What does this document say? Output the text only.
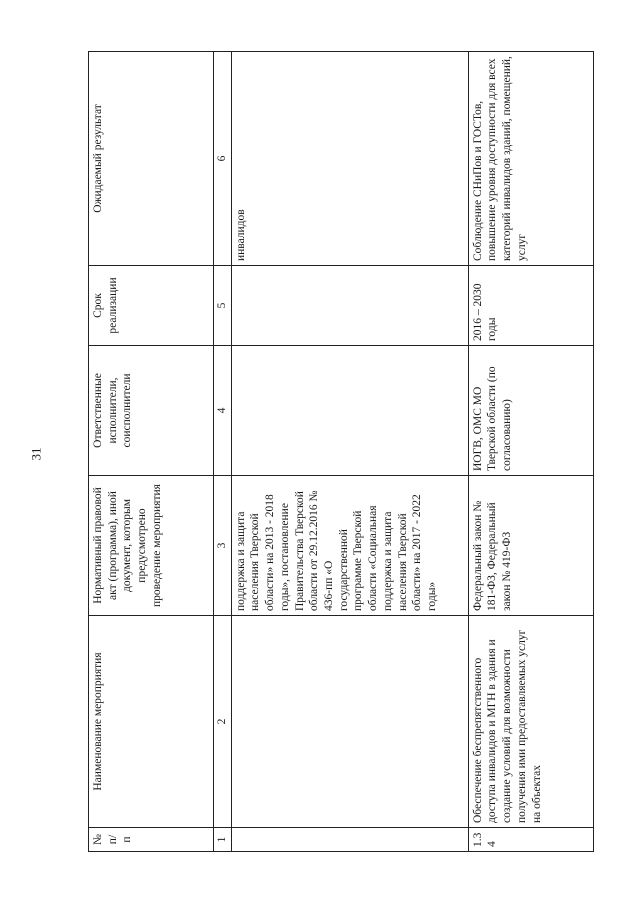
31
№ п/п	Наименование мероприятия	Нормативный правовой акт (программа), иной документ, которым предусмотрено проведение мероприятия	Ответственные исполнители, соисполнители	Срок реализации	Ожидаемый результат
1	2	3	4	5	6
		поддержка и защита населения Тверской области» на 2013 - 2018 годы», постановление Правительства Тверской области от 29.12.2016 № 436-пп «О государственной программе Тверской области «Социальная поддержка и защита населения Тверской области» на 2017 - 2022 годы»			инвалидов
1.34	Обеспечение беспрепятственного доступа инвалидов и МГН в здания и создание условий для возможности получения ими предоставляемых услуг на объектах	Федеральный закон № 181-ФЗ, Федеральный закон № 419-ФЗ	ИОГВ, ОМС МО Тверской области (по согласованию)	2016 – 2030 годы	Соблюдение СНиПов и ГОСТов, повышение уровня доступности для всех категорий инвалидов зданий, помещений, услуг
